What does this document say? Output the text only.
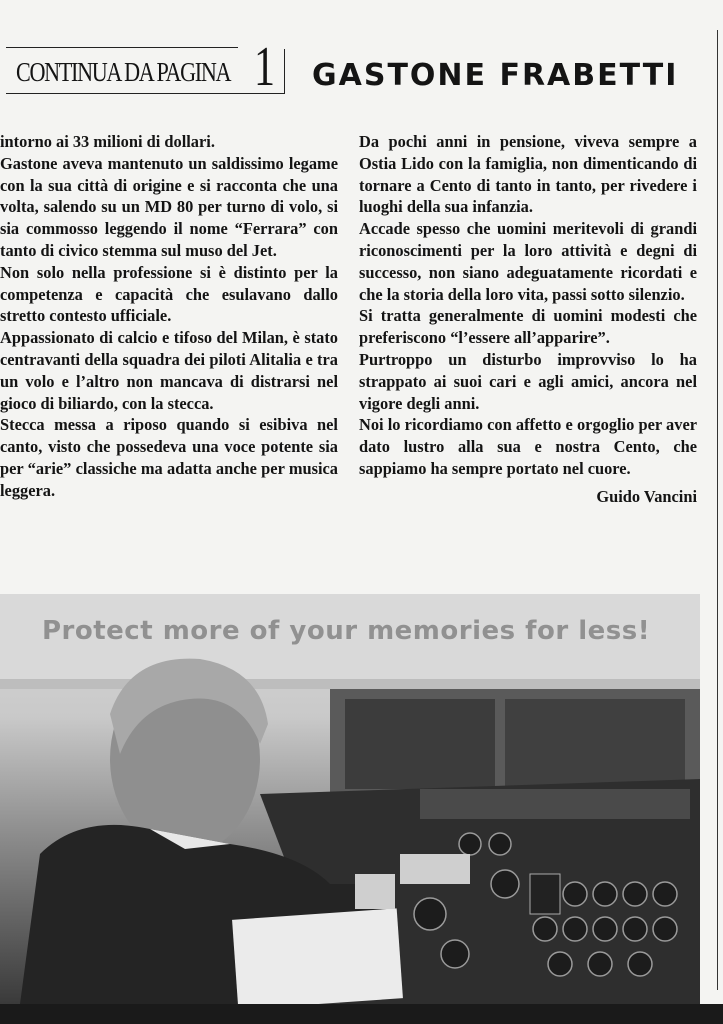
CONTINUA DA PAGINA 1 GASTONE FRABETTI

intorno ai 33 milioni di dollari.

Gastone aveva mantenuto un saldissimo legame con la sua città di origine e si racconta che una volta, salendo su un MD 80 per turno di volo, si sia commosso leggendo il nome “Ferrara” con tanto di civico stemma sul muso del Jet.

Non solo nella professione si è distinto per la competenza e capacità che esulavano dallo stretto contesto ufficiale.

Appassionato di calcio e tifoso del Milan, è stato centravanti della squadra dei piloti Alitalia e tra un volo e l’altro non mancava di distrarsi nel gioco di biliardo, con la stecca.

Stecca messa a riposo quando si esibiva nel canto, visto che possedeva una voce potente sia per “arie” classiche ma adatta anche per musica leggera.

Da pochi anni in pensione, viveva sempre a Ostia Lido con la famiglia, non dimenticando di tornare a Cento di tanto in tanto, per rivedere i luoghi della sua infanzia.

Accade spesso che uomini meritevoli di grandi riconoscimenti per la loro attività e degni di successo, non siano adeguatamente ricordati e che la storia della loro vita, passi sotto silenzio.

Si tratta generalmente di uomini modesti che preferiscono “l’essere all’apparire”.

Purtroppo un disturbo improvviso lo ha strappato ai suoi cari e agli amici, ancora nel vigore degli anni.

Noi lo ricordiamo con affetto e orgoglio per aver dato lustro alla sua e nostra Cento, che sappiamo ha sempre portato nel cuore.

Guido Vancini

Protect more of your memories for less!
